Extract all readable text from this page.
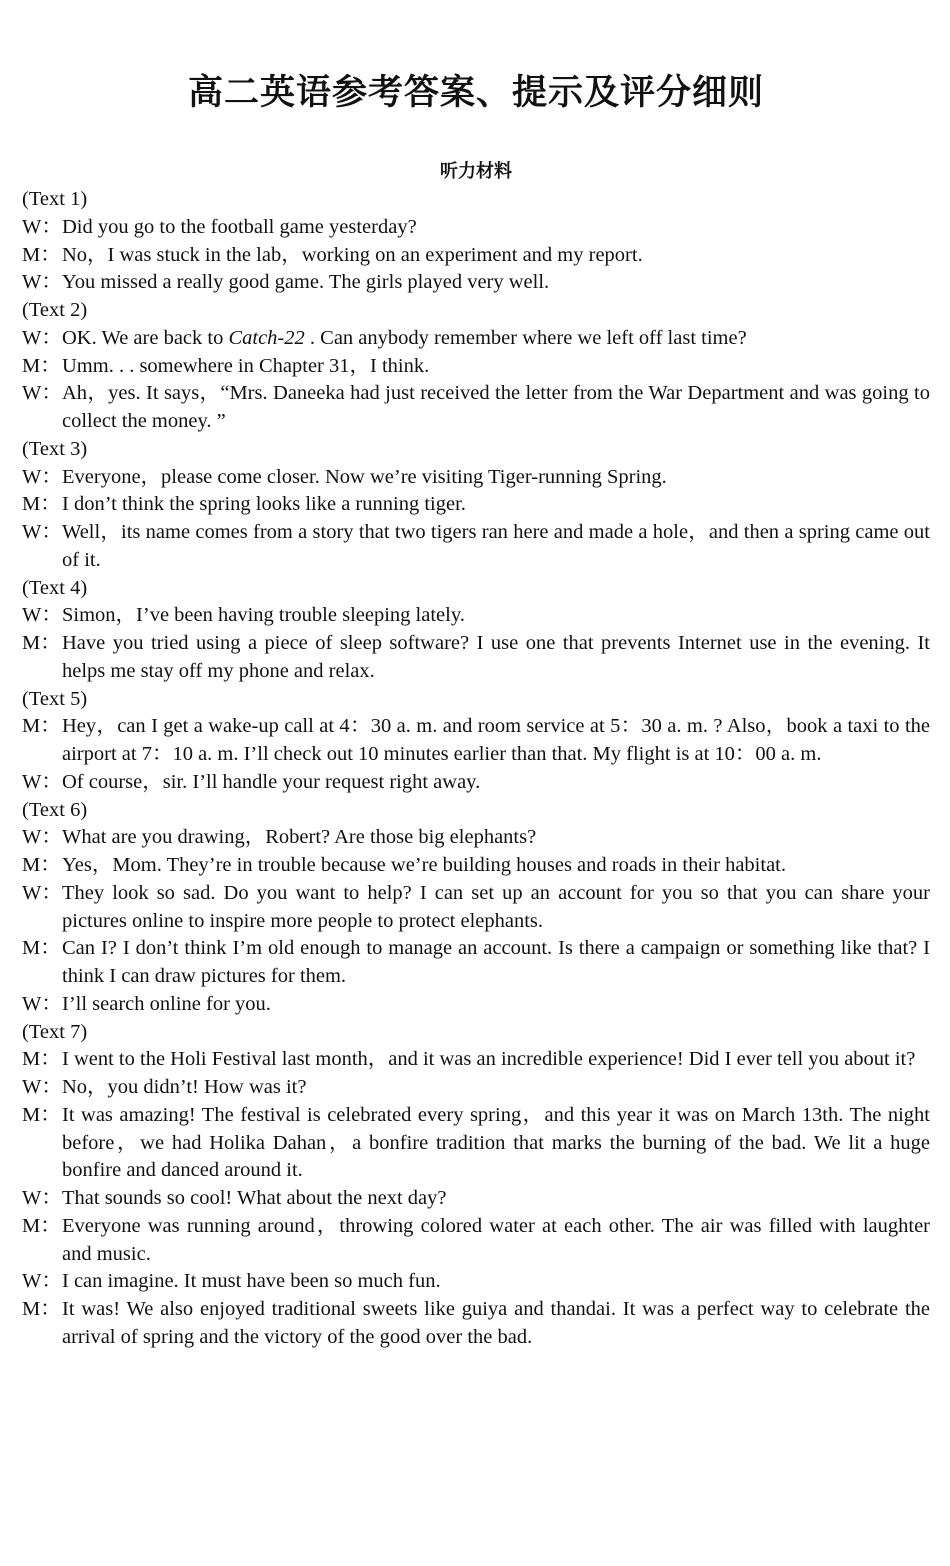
高二英语参考答案、提示及评分细则
听力材料
(Text 1)
W：Did you go to the football game yesterday?
M：No，I was stuck in the lab，working on an experiment and my report.
W：You missed a really good game. The girls played very well.
(Text 2)
W：OK. We are back to Catch-22 . Can anybody remember where we left off last time?
M：Umm. . . somewhere in Chapter 31，I think.
W：Ah，yes. It says，“Mrs. Daneeka had just received the letter from the War Department and was going to collect the money. ”
(Text 3)
W：Everyone，please come closer. Now we’re visiting Tiger-running Spring.
M：I don’t think the spring looks like a running tiger.
W：Well，its name comes from a story that two tigers ran here and made a hole，and then a spring came out of it.
(Text 4)
W：Simon，I’ve been having trouble sleeping lately.
M：Have you tried using a piece of sleep software? I use one that prevents Internet use in the evening. It helps me stay off my phone and relax.
(Text 5)
M：Hey，can I get a wake-up call at 4：30 a. m. and room service at 5：30 a. m. ? Also，book a taxi to the airport at 7：10 a. m. I’ll check out 10 minutes earlier than that. My flight is at 10：00 a. m.
W：Of course，sir. I’ll handle your request right away.
(Text 6)
W：What are you drawing，Robert? Are those big elephants?
M：Yes，Mom. They’re in trouble because we’re building houses and roads in their habitat.
W：They look so sad. Do you want to help? I can set up an account for you so that you can share your pictures online to inspire more people to protect elephants.
M：Can I? I don’t think I’m old enough to manage an account. Is there a campaign or something like that? I think I can draw pictures for them.
W：I’ll search online for you.
(Text 7)
M：I went to the Holi Festival last month，and it was an incredible experience! Did I ever tell you about it?
W：No，you didn’t! How was it?
M：It was amazing! The festival is celebrated every spring，and this year it was on March 13th. The night before，we had Holika Dahan，a bonfire tradition that marks the burning of the bad. We lit a huge bonfire and danced around it.
W：That sounds so cool! What about the next day?
M：Everyone was running around，throwing colored water at each other. The air was filled with laughter and music.
W：I can imagine. It must have been so much fun.
M：It was! We also enjoyed traditional sweets like guiya and thandai. It was a perfect way to celebrate the arrival of spring and the victory of the good over the bad.
